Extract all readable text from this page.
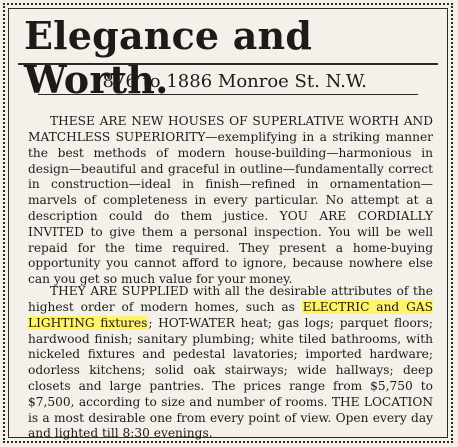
Elegance and Worth.
1876 to 1886 Monroe St. N.W.

THESE ARE NEW HOUSES OF SUPERLATIVE WORTH AND MATCHLESS SUPERIORITY—exemplifying in a striking manner the best methods of modern house-building—harmonious in design—beautiful and graceful in outline—fundamentally correct in construction—ideal in finish—refined in ornamentation—marvels of completeness in every particular. No attempt at a description could do them justice. YOU ARE CORDIALLY INVITED to give them a personal inspection. You will be well repaid for the time required. They present a home-buying opportunity you cannot afford to ignore, because nowhere else can you get so much value for your money.

THEY ARE SUPPLIED with all the desirable attributes of the highest order of modern homes, such as ELECTRIC and GAS LIGHTING fixtures; HOT-WATER heat; gas logs; parquet floors; hardwood finish; sanitary plumbing; white tiled bathrooms, with nickeled fixtures and pedestal lavatories; imported hardware; odorless kitchens; solid oak stairways; wide hallways; deep closets and large pantries. The prices range from $5,750 to $7,500, according to size and number of rooms. THE LOCATION is a most desirable one from every point of view. Open every day and lighted till 8:30 evenings.
